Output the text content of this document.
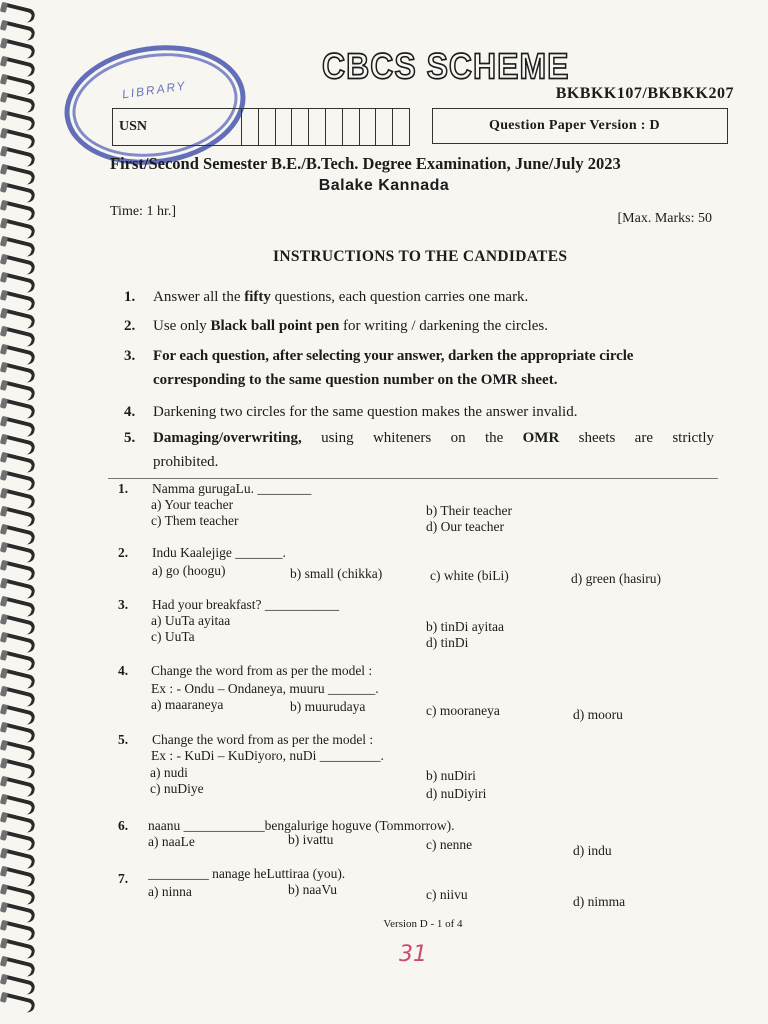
LIBRARY
CBCS SCHEME
BKBKK107/BKBKK207
USN	Question Paper Version : D
First/Second Semester B.E./B.Tech. Degree Examination, June/July 2023
Balake Kannada
Time: 1 hr.]	[Max. Marks: 50
INSTRUCTIONS TO THE CANDIDATES
1. Answer all the fifty questions, each question carries one mark.
2. Use only Black ball point pen for writing / darkening the circles.
3. For each question, after selecting your answer, darken the appropriate circle
corresponding to the same question number on the OMR sheet.
4. Darkening two circles for the same question makes the answer invalid.
5. Damaging/overwriting, using whiteners on the OMR sheets are strictly
prohibited.
1. Namma gurugaLu. ________
a) Your teacher	b) Their teacher
c) Them teacher	d) Our teacher
2. Indu Kaalejige _______.
a) go (hoogu)	b) small (chikka)	c) white (biLi)	d) green (hasiru)
3. Had your breakfast? ___________
a) UuTa ayitaa	b) tinDi ayitaa
c) UuTa	d) tinDi
4. Change the word from as per the model :
Ex : - Ondu – Ondaneya, muuru _______.
a) maaraneya	b) muurudaya	c) mooraneya	d) mooru
5. Change the word from as per the model :
Ex : - KuDi – KuDiyoro, nuDi _________.
a) nudi	b) nuDiri
c) nuDiye	d) nuDiyiri
6. naanu ____________bengalurige hoguve (Tommorrow).
a) naaLe	b) ivattu	c) nenne	d) indu
7. _________ nanage heLuttiraa (you).
a) ninna	b) naaVu	c) niivu	d) nimma
Version D - 1 of 4
31
